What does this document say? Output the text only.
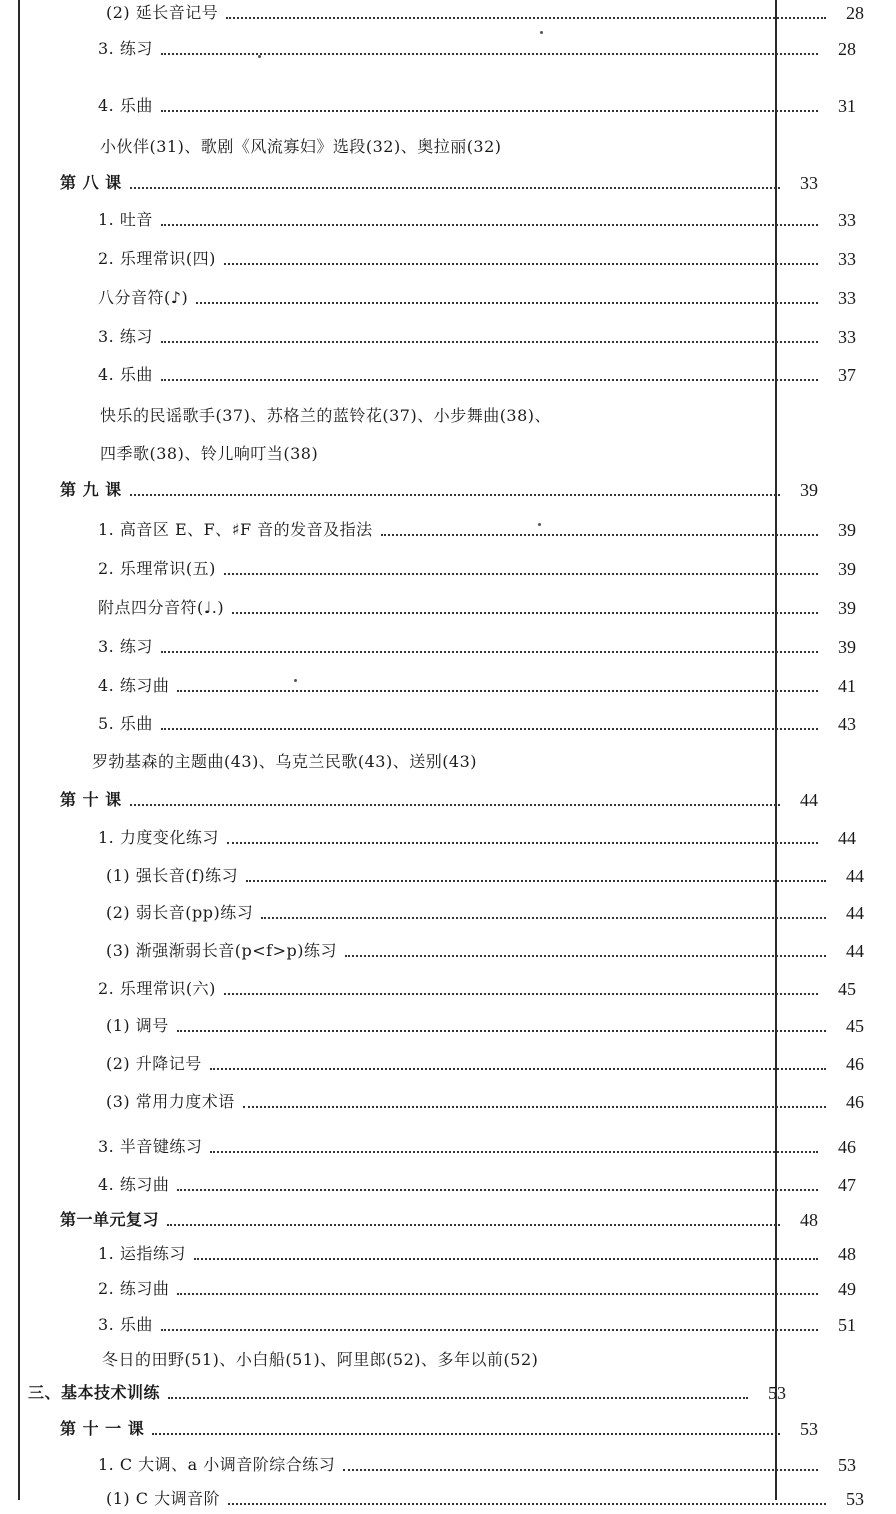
(2) 延长音记号	28
3. 练习	28
4. 乐曲	31
小伙伴(31)、歌剧《风流寡妇》选段(32)、奥拉丽(32)
第 八 课	33
1. 吐音	33
2. 乐理常识(四)	33
八分音符(♪)	33
3. 练习	33
4. 乐曲	37
快乐的民谣歌手(37)、苏格兰的蓝铃花(37)、小步舞曲(38)、
四季歌(38)、铃儿响叮当(38)
第 九 课	39
1. 高音区 E、F、♯F 音的发音及指法	39
2. 乐理常识(五)	39
附点四分音符(♩.)	39
3. 练习	39
4. 练习曲	41
5. 乐曲	43
罗勃基森的主题曲(43)、乌克兰民歌(43)、送别(43)
第 十 课	44
1. 力度变化练习	44
(1) 强长音(f)练习	44
(2) 弱长音(pp)练习	44
(3) 渐强渐弱长音(p<f>p)练习	44
2. 乐理常识(六)	45
(1) 调号	45
(2) 升降记号	46
(3) 常用力度术语	46
3. 半音键练习	46
4. 练习曲	47
第一单元复习	48
1. 运指练习	48
2. 练习曲	49
3. 乐曲	51
冬日的田野(51)、小白船(51)、阿里郎(52)、多年以前(52)
三、基本技术训练	53
第 十 一 课	53
1. C 大调、a 小调音阶综合练习	53
(1) C 大调音阶	53
